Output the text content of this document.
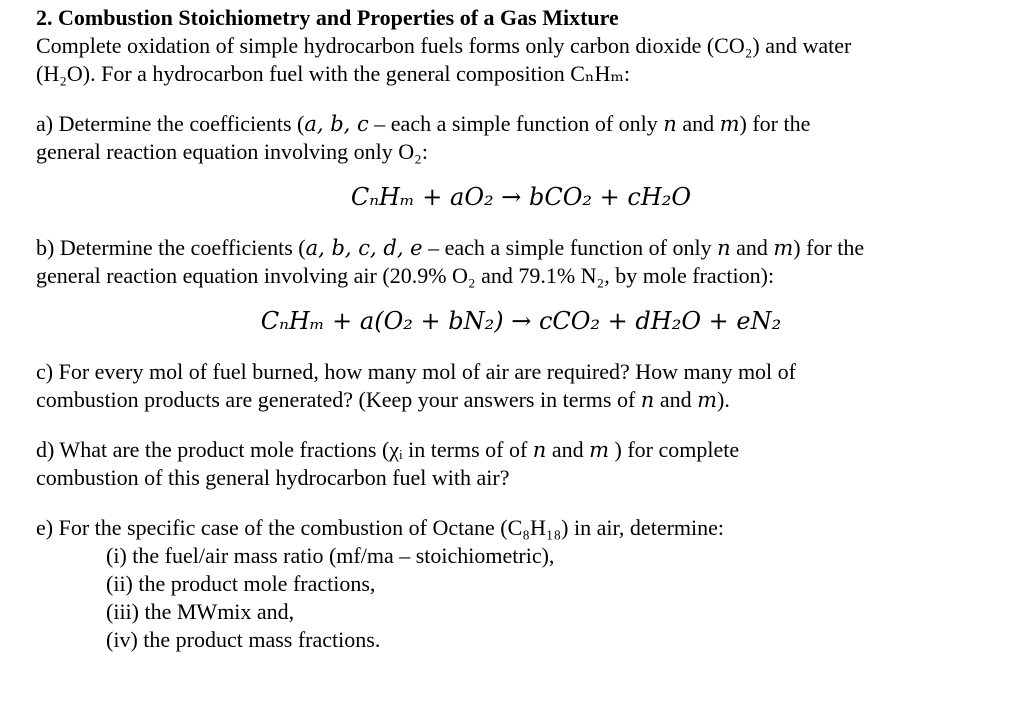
2. Combustion Stoichiometry and Properties of a Gas Mixture
Complete oxidation of simple hydrocarbon fuels forms only carbon dioxide (CO₂) and water
(H₂O). For a hydrocarbon fuel with the general composition CₙHₘ:
a) Determine the coefficients (a, b, c – each a simple function of only n and m) for the
general reaction equation involving only O₂:
CₙHₘ + aO₂ → bCO₂ + cH₂O
b) Determine the coefficients (a, b, c, d, e – each a simple function of only n and m) for the
general reaction equation involving air (20.9% O₂ and 79.1% N₂, by mole fraction):
CₙHₘ + a(O₂ + bN₂) → cCO₂ + dH₂O + eN₂
c) For every mol of fuel burned, how many mol of air are required? How many mol of
combustion products are generated? (Keep your answers in terms of n and m).
d) What are the product mole fractions (χᵢ in terms of of n and m ) for complete
combustion of this general hydrocarbon fuel with air?
e) For the specific case of the combustion of Octane (C₈H₁₈) in air, determine:
(i) the fuel/air mass ratio (mf/ma – stoichiometric),
(ii) the product mole fractions,
(iii) the MWmix and,
(iv) the product mass fractions.
